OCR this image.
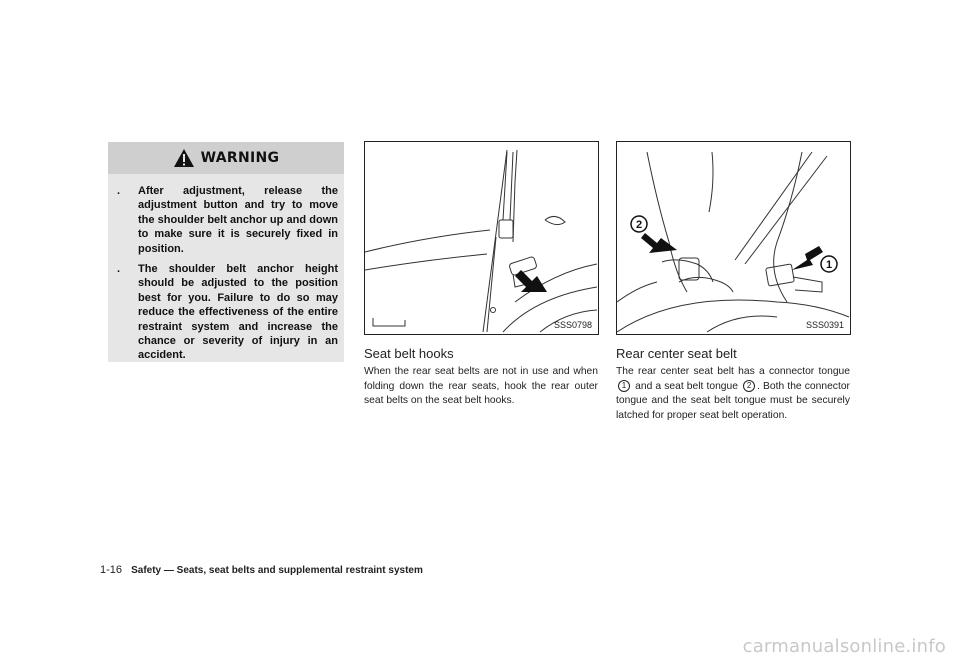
WARNING
. After adjustment, release the adjustment button and try to move the shoulder belt anchor up and down to make sure it is securely fixed in position.
. The shoulder belt anchor height should be adjusted to the position best for you. Failure to do so may reduce the effectiveness of the entire restraint system and increase the chance or severity of injury in an accident.
SSS0798
2
1
SSS0391
Seat belt hooks
When the rear seat belts are not in use and when folding down the rear seats, hook the rear outer seat belts on the seat belt hooks.
Rear center seat belt
The rear center seat belt has a connector tongue 1 and a seat belt tongue 2 . Both the connector tongue and the seat belt tongue must be securely latched for proper seat belt operation.
1-16 Safety — Seats, seat belts and supplemental restraint system
carmanualsonline.info
